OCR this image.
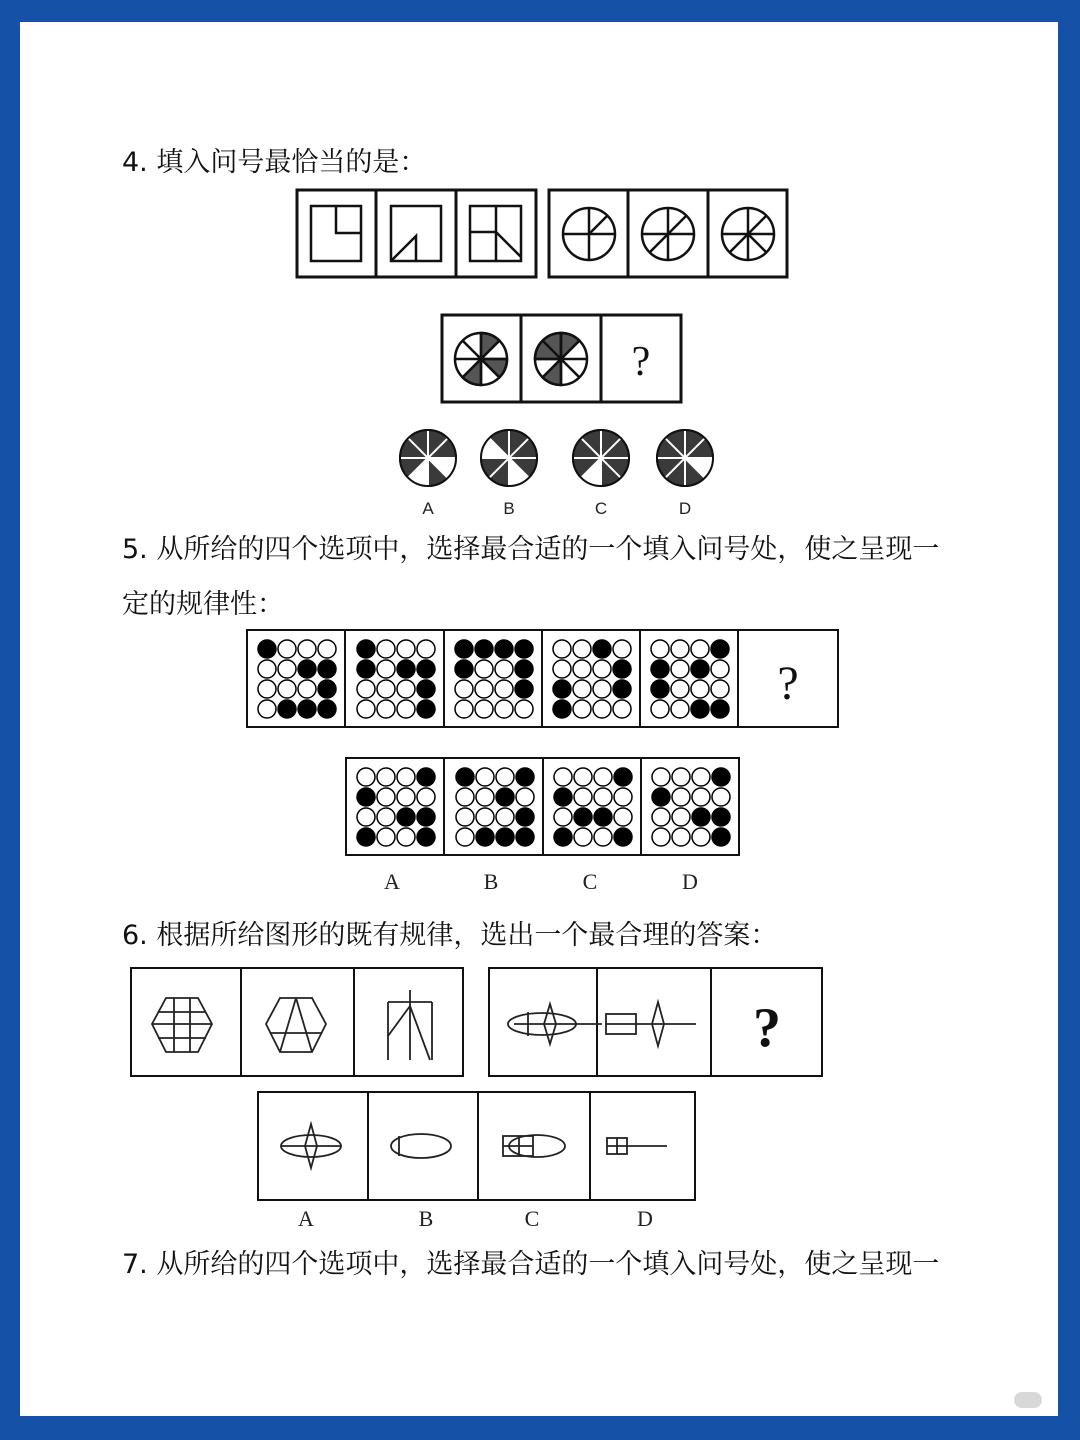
4. 填入问号最恰当的是：
?
A	B	C	D
5. 从所给的四个选项中，选择最合适的一个填入问号处，使之呈现一
定的规律性：
?
A	B	C	D
6. 根据所给图形的既有规律，选出一个最合理的答案：
?
A	B	C	D
7. 从所给的四个选项中，选择最合适的一个填入问号处，使之呈现一
